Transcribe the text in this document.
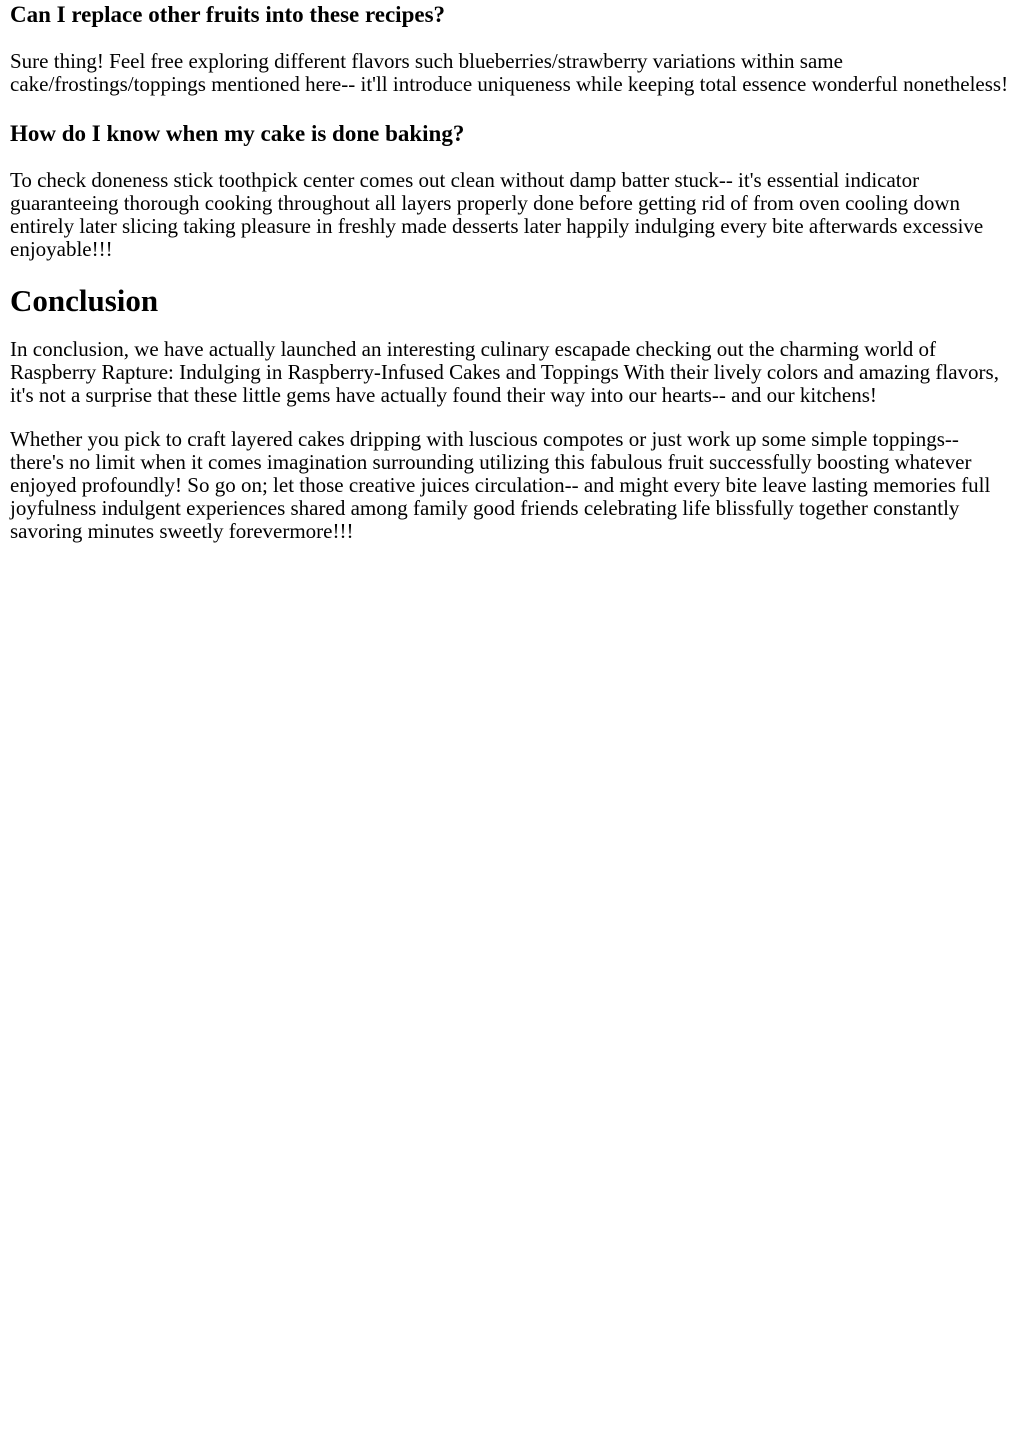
Can I replace other fruits into these recipes?

Sure thing! Feel free exploring different flavors such blueberries/strawberry variations within same cake/frostings/toppings mentioned here-- it'll introduce uniqueness while keeping total essence wonderful nonetheless!

How do I know when my cake is done baking?

To check doneness stick toothpick center comes out clean without damp batter stuck-- it's essential indicator guaranteeing thorough cooking throughout all layers properly done before getting rid of from oven cooling down entirely later slicing taking pleasure in freshly made desserts later happily indulging every bite afterwards excessive enjoyable!!!

Conclusion

In conclusion, we have actually launched an interesting culinary escapade checking out the charming world of Raspberry Rapture: Indulging in Raspberry-Infused Cakes and Toppings With their lively colors and amazing flavors, it's not a surprise that these little gems have actually found their way into our hearts-- and our kitchens!

Whether you pick to craft layered cakes dripping with luscious compotes or just work up some simple toppings-- there's no limit when it comes imagination surrounding utilizing this fabulous fruit successfully boosting whatever enjoyed profoundly! So go on; let those creative juices circulation-- and might every bite leave lasting memories full joyfulness indulgent experiences shared among family good friends celebrating life blissfully together constantly savoring minutes sweetly forevermore!!!
